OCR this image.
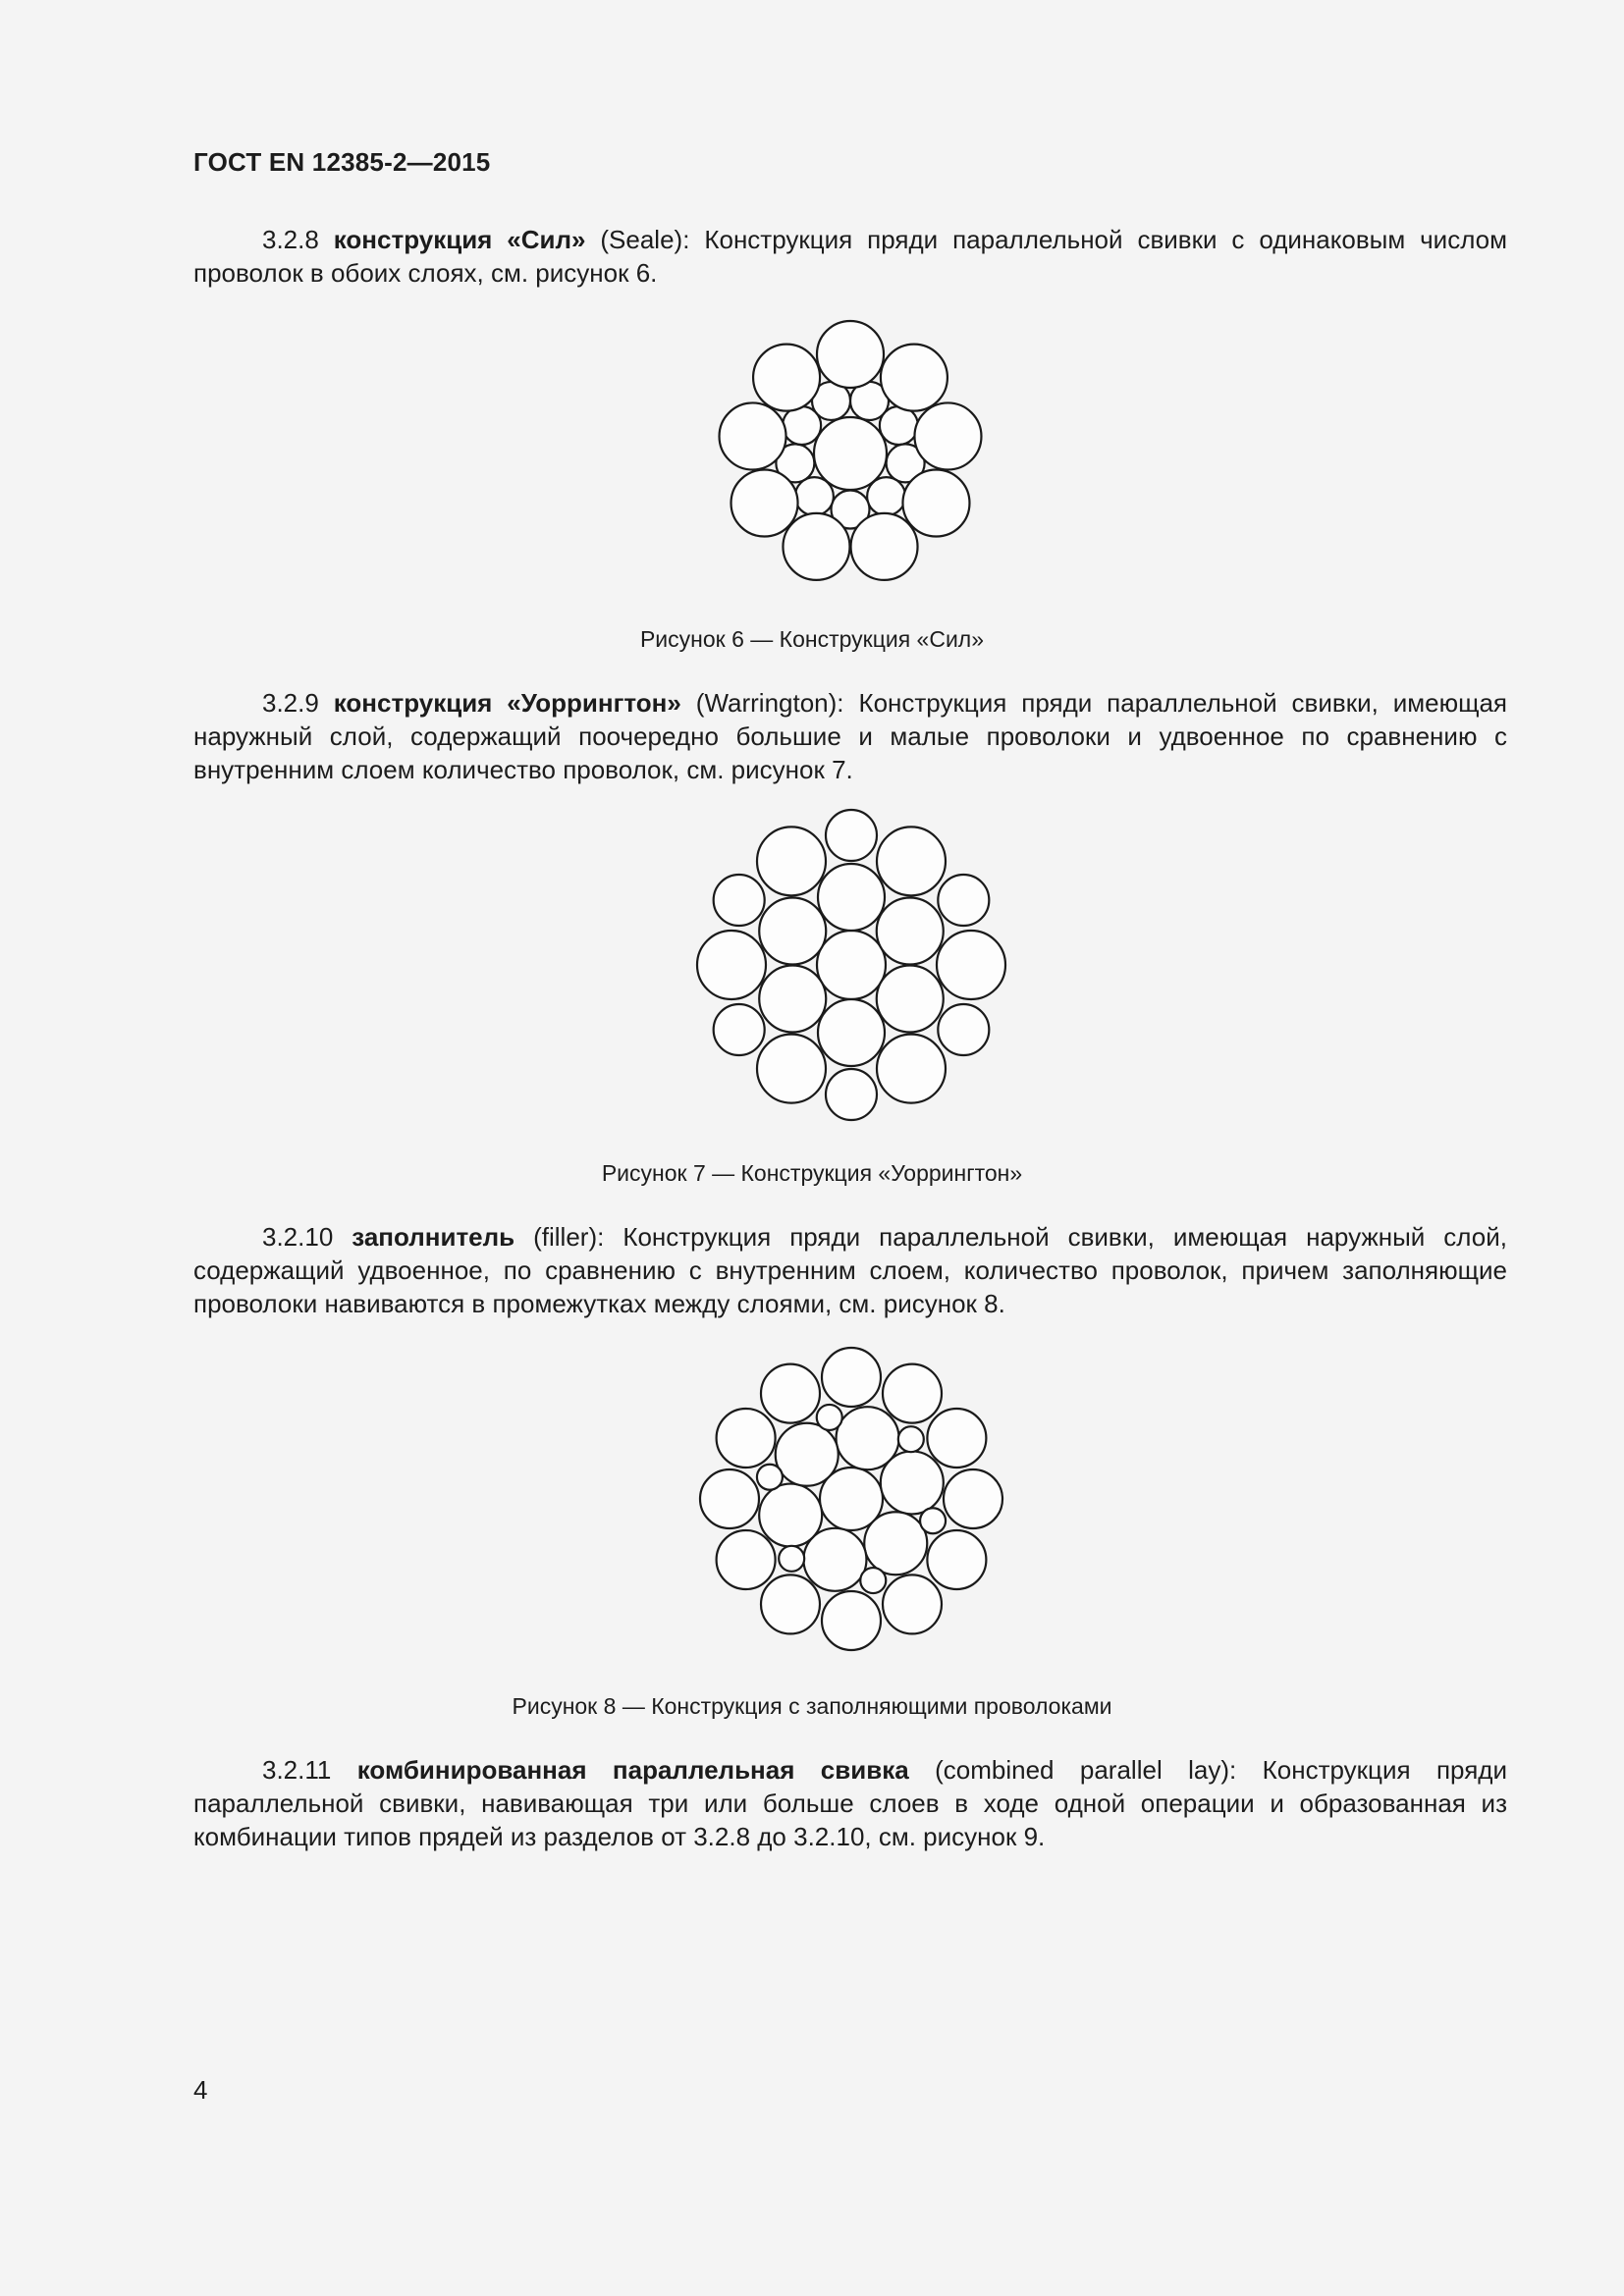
ГОСТ EN 12385-2—2015

3.2.8 конструкция «Сил» (Seale): Конструкция пряди параллельной свивки с одинаковым числом проволок в обоих слоях, см. рисунок 6.

Рисунок 6 — Конструкция «Сил»

3.2.9 конструкция «Уоррингтон» (Warrington): Конструкция пряди параллельной свивки, имеющая наружный слой, содержащий поочередно большие и малые проволоки и удвоенное по сравнению с внутренним слоем количество проволок, см. рисунок 7.

Рисунок 7 — Конструкция «Уоррингтон»

3.2.10 заполнитель (filler): Конструкция пряди параллельной свивки, имеющая наружный слой, содержащий удвоенное, по сравнению с внутренним слоем, количество проволок, причем заполняющие проволоки навиваются в промежутках между слоями, см. рисунок 8.

Рисунок 8 — Конструкция с заполняющими проволоками

3.2.11 комбинированная параллельная свивка (combined parallel lay): Конструкция пряди параллельной свивки, навивающая три или больше слоев в ходе одной операции и образованная из комбинации типов прядей из разделов от 3.2.8 до 3.2.10, см. рисунок 9.

4
